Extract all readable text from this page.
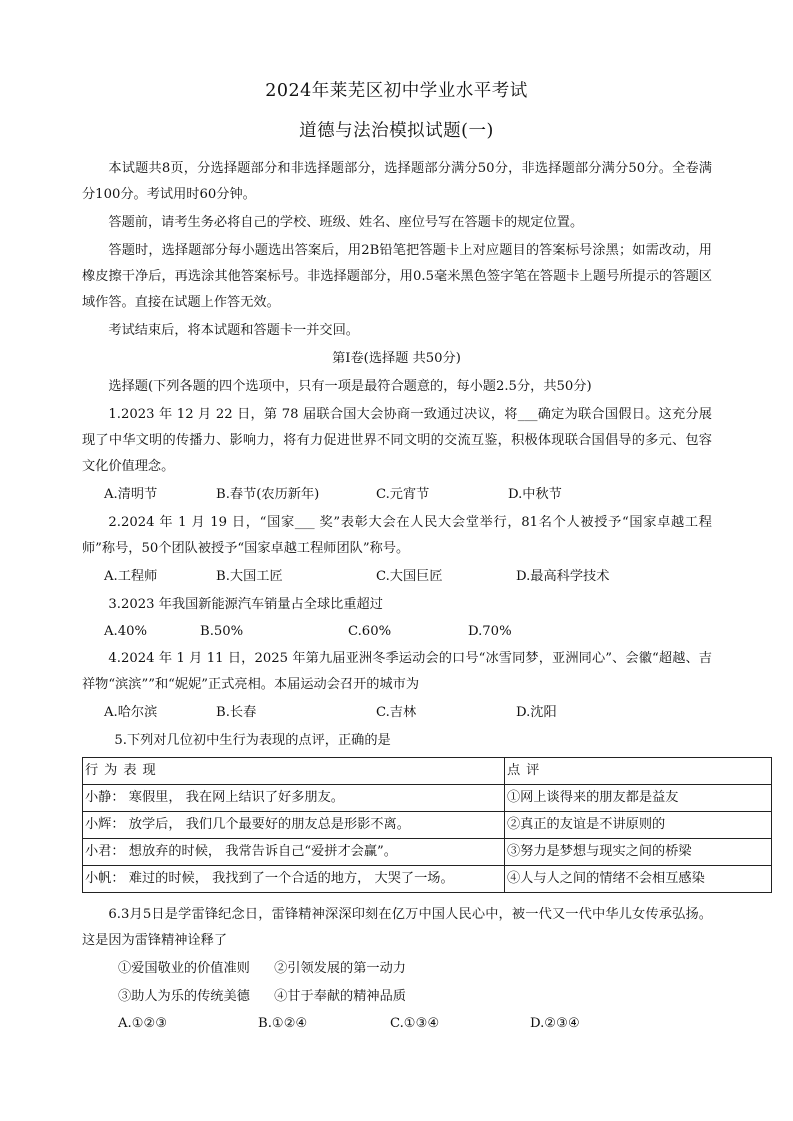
2024年莱芜区初中学业水平考试
道德与法治模拟试题(一)
本试题共8页，分选择题部分和非选择题部分，选择题部分满分50分，非选择题部分满分50分。全卷满分100分。考试用时60分钟。
答题前，请考生务必将自己的学校、班级、姓名、座位号写在答题卡的规定位置。
答题时，选择题部分每小题选出答案后，用2B铅笔把答题卡上对应题目的答案标号涂黑；如需改动，用橡皮擦干净后，再选涂其他答案标号。非选择题部分，用0.5毫米黑色签字笔在答题卡上题号所提示的答题区域作答。直接在试题上作答无效。
考试结束后，将本试题和答题卡一并交回。
第Ⅰ卷(选择题 共50分)
选择题(下列各题的四个选项中，只有一项是最符合题意的，每小题2.5分，共50分)
1.2023 年 12 月 22 日，第 78 届联合国大会协商一致通过决议，将___确定为联合国假日。这充分展现了中华文明的传播力、影响力，将有力促进世界不同文明的交流互鉴，积极体现联合国倡导的多元、包容文化价值理念。
A.清明节	B.春节(农历新年)	C.元宵节	D.中秋节
2.2024 年 1 月 19 日，“国家___ 奖”表彰大会在人民大会堂举行，81名个人被授予“国家卓越工程师”称号，50个团队被授予“国家卓越工程师团队”称号。
A.工程师	B.大国工匠	C.大国巨匠	D.最高科学技术
3.2023 年我国新能源汽车销量占全球比重超过
A.40%	B.50%	C.60%	D.70%
4.2024 年 1 月 11 日，2025 年第九届亚洲冬季运动会的口号“冰雪同梦，亚洲同心”、会徽“超越、吉祥物“滨滨””和“妮妮”正式亮相。本届运动会召开的城市为
A.哈尔滨	B.长春	C.吉林	D.沈阳
5.下列对几位初中生行为表现的点评，正确的是
行为表现	点评
小静： 寒假里， 我在网上结识了好多朋友。	①网上谈得来的朋友都是益友
小辉： 放学后， 我们几个最要好的朋友总是形影不离。	②真正的友谊是不讲原则的
小君： 想放弃的时候， 我常告诉自己“爱拼才会赢”。	③努力是梦想与现实之间的桥梁
小帆： 难过的时候， 我找到了一个合适的地方， 大哭了一场。	④人与人之间的情绪不会相互感染
6.3月5日是学雷锋纪念日，雷锋精神深深印刻在亿万中国人民心中，被一代又一代中华儿女传承弘扬。这是因为雷锋精神诠释了
①爱国敬业的价值准则 ②引领发展的第一动力
③助人为乐的传统美德 ④甘于奉献的精神品质
A.①②③	B.①②④	C.①③④	D.②③④
